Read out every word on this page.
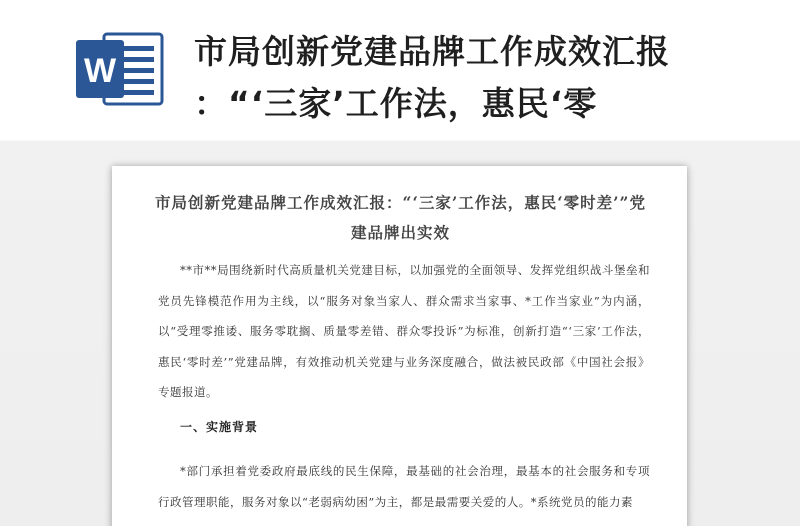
W 市局创新党建品牌工作成效汇报
：“‘三家’工作法，惠民‘零
市局创新党建品牌工作成效汇报：“‘三家’工作法，惠民‘零时差’”党建品牌出实效
**市**局围绕新时代高质量机关党建目标，以加强党的全面领导、发挥党组织战斗堡垒和党员先锋模范作用为主线，以“服务对象当家人、群众需求当家事、*工作当家业”为内涵，以“受理零推诿、服务零耽搁、质量零差错、群众零投诉”为标准，创新打造“‘三家’工作法，惠民‘零时差’”党建品牌，有效推动机关党建与业务深度融合，做法被民政部《中国社会报》专题报道。
一、实施背景
*部门承担着党委政府最底线的民生保障，最基础的社会治理，最基本的社会服务和专项行政管理职能，服务对象以“老弱病幼困”为主，都是最需要关爱的人。*系统党员的能力素
